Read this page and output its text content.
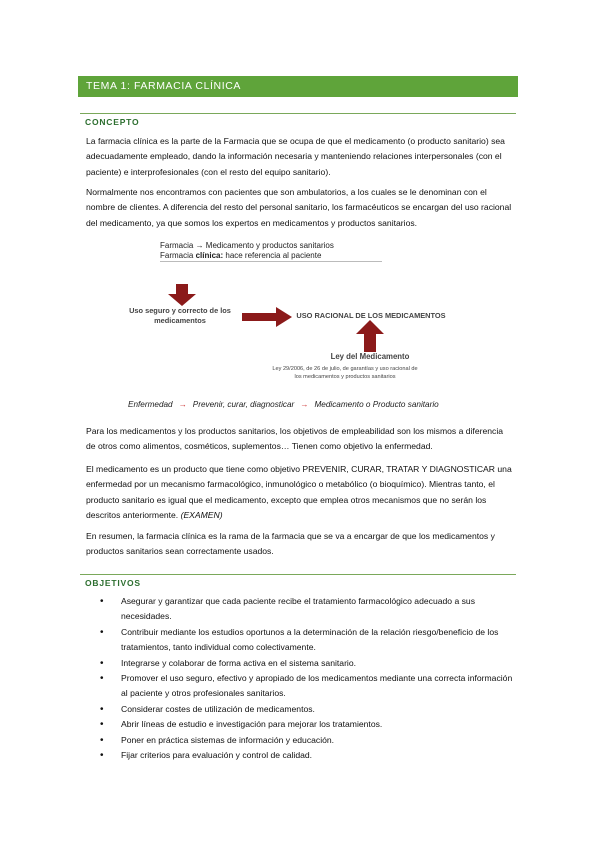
TEMA 1: FARMACIA CLÍNICA
CONCEPTO

La farmacia clínica es la parte de la Farmacia que se ocupa de que el medicamento (o producto sanitario) sea adecuadamente empleado, dando la información necesaria y manteniendo relaciones interpersonales (con el paciente) e interprofesionales (con el resto del equipo sanitario).

Normalmente nos encontramos con pacientes que son ambulatorios, a los cuales se le denominan con el nombre de clientes. A diferencia del resto del personal sanitario, los farmacéuticos se encargan del uso racional del medicamento, ya que somos los expertos en medicamentos y productos sanitarios.

Farmacia → Medicamento y productos sanitarios
Farmacia clínica: hace referencia al paciente
Uso seguro y correcto de los medicamentos
USO RACIONAL DE LOS MEDICAMENTOS
Ley del Medicamento
Ley 29/2006, de 26 de julio, de garantías y uso racional de los medicamentos y productos sanitarios
Enfermedad → Prevenir, curar, diagnosticar → Medicamento o Producto sanitario

Para los medicamentos y los productos sanitarios, los objetivos de empleabilidad son los mismos a diferencia de otros como alimentos, cosméticos, suplementos… Tienen como objetivo la enfermedad.

El medicamento es un producto que tiene como objetivo PREVENIR, CURAR, TRATAR Y DIAGNOSTICAR una enfermedad por un mecanismo farmacológico, inmunológico o metabólico (o bioquímico). Mientras tanto, el producto sanitario es igual que el medicamento, excepto que emplea otros mecanismos que no serán los descritos anteriormente. (EXAMEN)

En resumen, la farmacia clínica es la rama de la farmacia que se va a encargar de que los medicamentos y productos sanitarios sean correctamente usados.

OBJETIVOS
• Asegurar y garantizar que cada paciente recibe el tratamiento farmacológico adecuado a sus necesidades.
• Contribuir mediante los estudios oportunos a la determinación de la relación riesgo/beneficio de los tratamientos, tanto individual como colectivamente.
• Integrarse y colaborar de forma activa en el sistema sanitario.
• Promover el uso seguro, efectivo y apropiado de los medicamentos mediante una correcta información al paciente y otros profesionales sanitarios.
• Considerar costes de utilización de medicamentos.
• Abrir líneas de estudio e investigación para mejorar los tratamientos.
• Poner en práctica sistemas de información y educación.
• Fijar criterios para evaluación y control de calidad.
